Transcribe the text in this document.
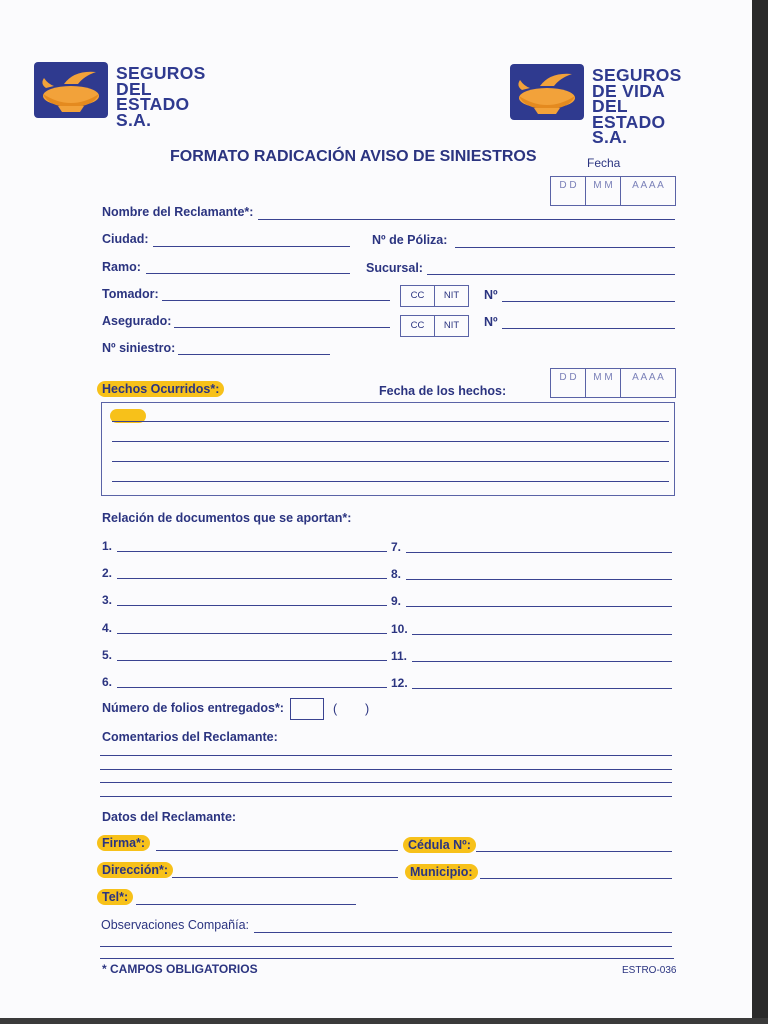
SEGUROS
DEL
ESTADO S.A.
SEGUROS
DE VIDA DEL
ESTADO S.A.
FORMATO RADICACIÓN AVISO DE SINIESTROS	Fecha
D D	M M	A A A A
Nombre del Reclamante*:
Ciudad:	Nº de Póliza:
Ramo:	Sucursal:
Tomador:	CC	NIT	Nº
Asegurado:	CC	NIT	Nº
Nº siniestro:
Hechos Ocurridos*:	Fecha de los hechos:
D D	M M	A A A A
Relación de documentos que se aportan*:
1.
2.
3.
4.
5.
6.
7.
8.
9.
10.
11.
12.
Número de folios entregados*:	(        )
Comentarios del Reclamante:
Datos del Reclamante:
Firma*:	Cédula Nº:
Dirección*:	Municipio:
Tel*:
Observaciones Compañía:
* CAMPOS OBLIGATORIOS	ESTRO-036
